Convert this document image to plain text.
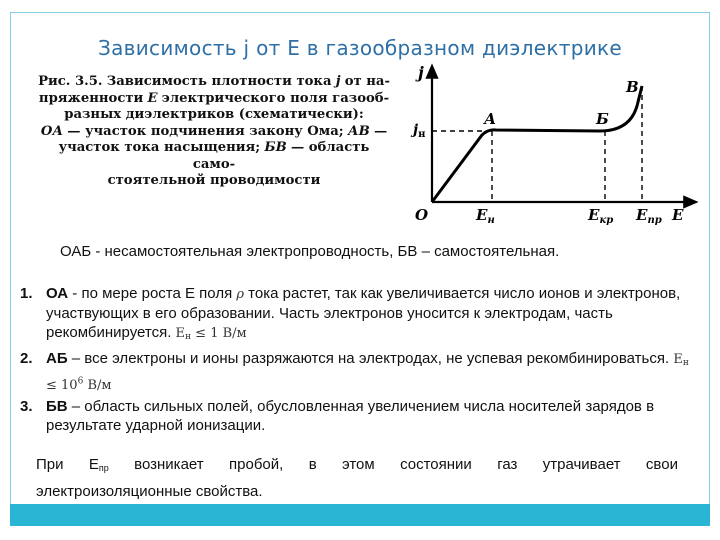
Зависимость j от Е в газообразном диэлектрике
Рис. 3.5. Зависимость плотности тока j от на-
пряженности E электрического поля газооб-
разных диэлектриков (схематически):
ОА — участок подчинения закону Ома; АВ —
участок тока насыщения; БВ — область само-
стоятельной проводимости
j
$j_н$
А	Б
В
O	$E_н$	$E_{кр}$ $E_{пр}$ E
ОАБ - несамостоятельная электропроводность, БВ – самостоятельная.
1. ОА - по мере роста Е поля ρ тока растет, так как увеличивается число ионов и электронов, участвующих в его образовании. Часть электронов уносится к электродам, часть рекомбинируется. $E_н \le 1$ В/м
2. АБ – все электроны и ионы разряжаются на электродах, не успевая рекомбинироваться. $E_н \le 10^6$ В/м
3. БВ – область сильных полей, обусловленная увеличением числа носителей зарядов в результате ударной ионизации.
При $E_{пр}$ возникает пробой, в этом состоянии газ утрачивает свои
электроизоляционные свойства.
